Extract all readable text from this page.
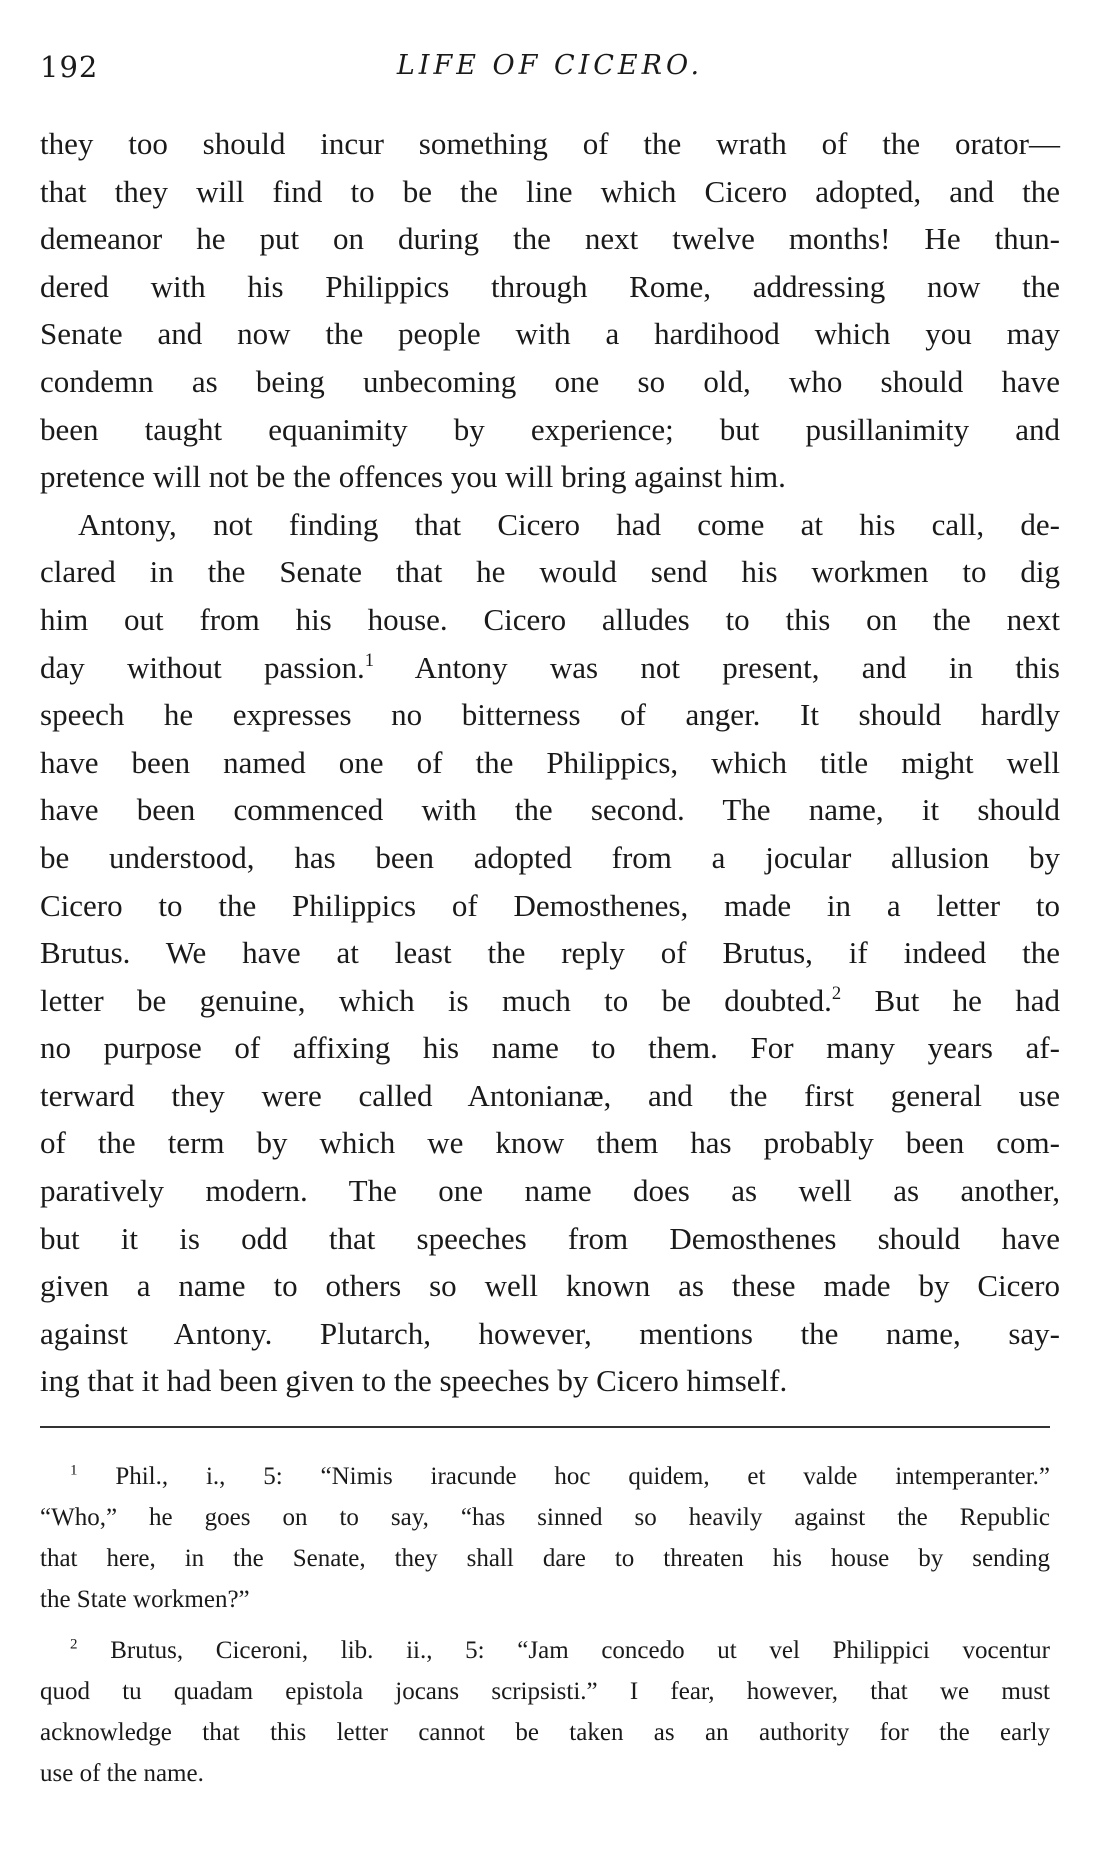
192	LIFE OF CICERO.
they too should incur something of the wrath of the orator—
that they will find to be the line which Cicero adopted, and the
demeanor he put on during the next twelve months! He thun-
dered with his Philippics through Rome, addressing now the
Senate and now the people with a hardihood which you may
condemn as being unbecoming one so old, who should have
been taught equanimity by experience; but pusillanimity and
pretence will not be the offences you will bring against him.
Antony, not finding that Cicero had come at his call, de-
clared in the Senate that he would send his workmen to dig
him out from his house. Cicero alludes to this on the next
day without passion.$^1$ Antony was not present, and in this
speech he expresses no bitterness of anger. It should hardly
have been named one of the Philippics, which title might well
have been commenced with the second. The name, it should
be understood, has been adopted from a jocular allusion by
Cicero to the Philippics of Demosthenes, made in a letter to
Brutus. We have at least the reply of Brutus, if indeed the
letter be genuine, which is much to be doubted.$^2$ But he had
no purpose of affixing his name to them. For many years af-
terward they were called Antonianæ, and the first general use
of the term by which we know them has probably been com-
paratively modern. The one name does as well as another,
but it is odd that speeches from Demosthenes should have
given a name to others so well known as these made by Cicero
against Antony. Plutarch, however, mentions the name, say-
ing that it had been given to the speeches by Cicero himself.
$^1$ Phil., i., 5: “Nimis iracunde hoc quidem, et valde intemperanter.”
“Who,” he goes on to say, “has sinned so heavily against the Republic
that here, in the Senate, they shall dare to threaten his house by sending
the State workmen?”
$^2$ Brutus, Ciceroni, lib. ii., 5: “Jam concedo ut vel Philippici vocentur
quod tu quadam epistola jocans scripsisti.” I fear, however, that we must
acknowledge that this letter cannot be taken as an authority for the early
use of the name.
